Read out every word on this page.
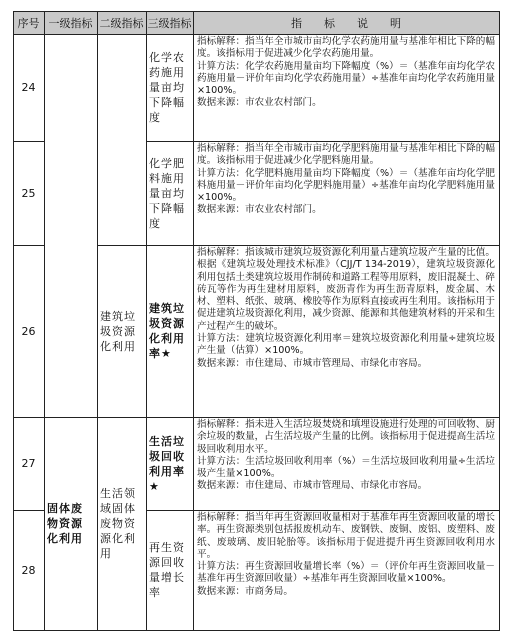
序号 一级指标 二级指标 三级指标	指　　标　　说　　明
24
化学农药施用量亩均下降幅度

指标解释：指当年全市城市亩均化学农药施用量与基准年相比下降的幅度。该指标用于促进减少化学农药施用量。

计算方法：化学农药施用量亩均下降幅度（%）＝（基准年亩均化学农药施用量－评价年亩均化学农药施用量）÷基准年亩均化学农药施用量×100%。

数据来源：市农业农村部门。

25
化学肥料施用量亩均下降幅度

指标解释：指当年全市城市亩均化学肥料施用量与基准年相比下降的幅度。该指标用于促进减少化学肥料施用量。

计算方法：化学肥料施用量亩均下降幅度（%）＝（基准年亩均化学肥料施用量－评价年亩均化学肥料施用量）÷基准年亩均化学肥料施用量×100%。

数据来源：市农业农村部门。

26
建筑垃圾资源化利用
建筑垃圾资源化利用率★

指标解释：指该城市建筑垃圾资源化利用量占建筑垃圾产生量的比值。根据《建筑垃圾处理技术标准》（CJJ/T 134-2019），建筑垃圾资源化利用包括土类建筑垃圾用作制砖和道路工程等用原料，废旧混凝土、碎砖瓦等作为再生建材用原料，废沥青作为再生沥青原料，废金属、木材、塑料、纸张、玻璃、橡胶等作为原料直接或再生利用。该指标用于促进建筑垃圾资源化利用，减少资源、能源和其他建筑材料的开采和生产过程产生的破坏。

计算方法：建筑垃圾资源化利用率＝建筑垃圾资源化利用量÷建筑垃圾产生量（估算）×100%。

数据来源：市住建局、市城市管理局、市绿化市容局。

27
生活垃圾回收利用率★

指标解释：指未进入生活垃圾焚烧和填埋设施进行处理的可回收物、厨余垃圾的数量，占生活垃圾产生量的比例。该指标用于促进提高生活垃圾回收利用水平。

计算方法：生活垃圾回收利用率（%）＝生活垃圾回收利用量÷生活垃圾产生量×100%。

数据来源：市住建局、市城市管理局、市绿化市容局。

28
再生资源回收量增长率

指标解释：指当年再生资源回收量相对于基准年再生资源回收量的增长率。再生资源类别包括报废机动车、废钢铁、废铜、废铝、废塑料、废纸、废玻璃、废旧轮胎等。该指标用于促进提升再生资源回收利用水平。

计算方法：再生资源回收量增长率（%）＝（评价年再生资源回收量－基准年再生资源回收量）÷基准年再生资源回收量×100%。

数据来源：市商务局。

固体废物资源化利用
生活领域固体废物资源化利用
